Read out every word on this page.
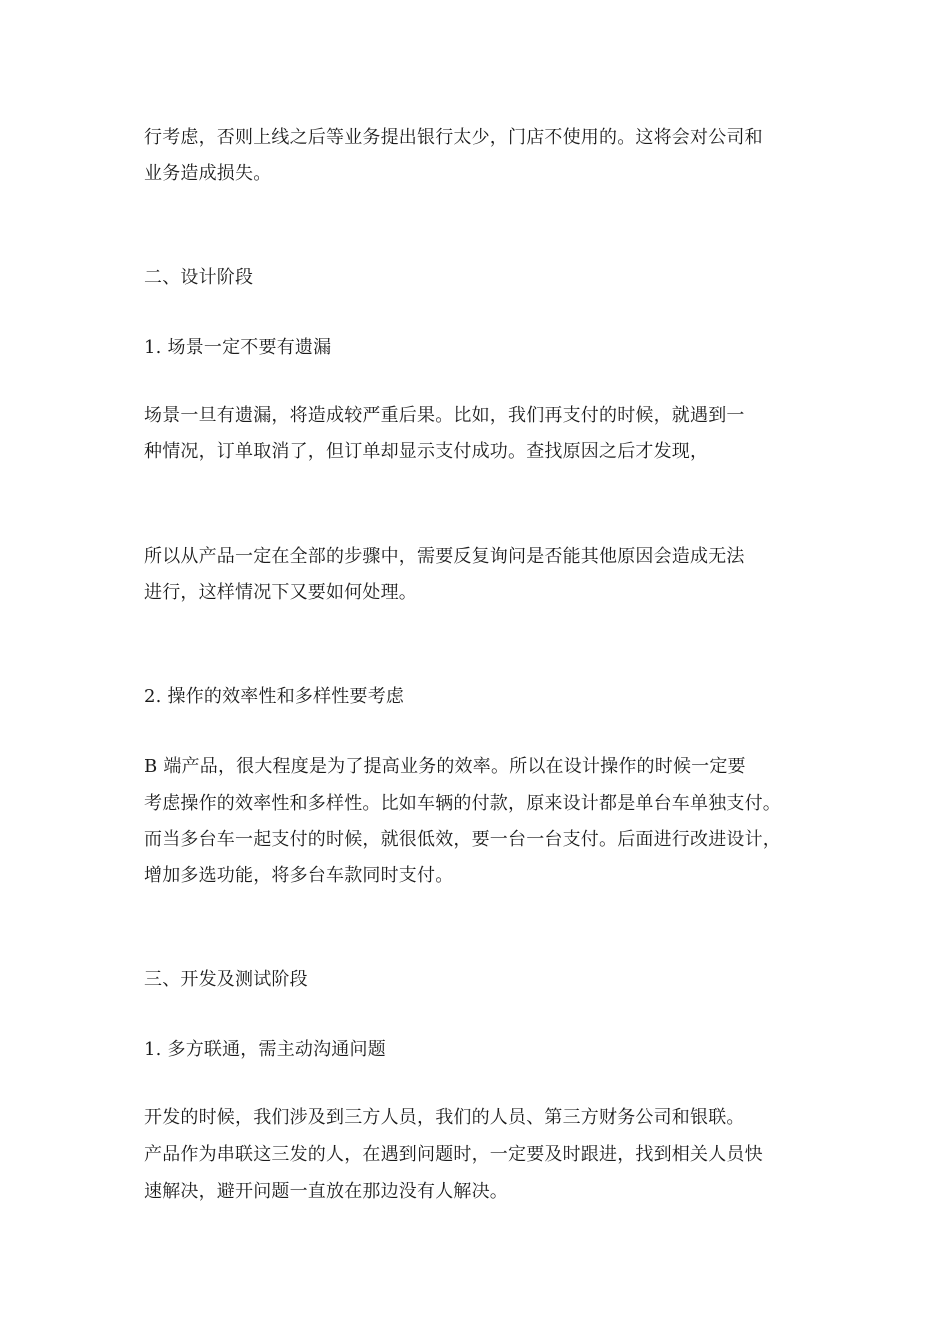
行考虑，否则上线之后等业务提出银行太少，门店不使用的。这将会对公司和
业务造成损失。
二、设计阶段
1. 场景一定不要有遗漏
场景一旦有遗漏，将造成较严重后果。比如，我们再支付的时候，就遇到一
种情况，订单取消了，但订单却显示支付成功。查找原因之后才发现，
所以从产品一定在全部的步骤中，需要反复询问是否能其他原因会造成无法
进行，这样情况下又要如何处理。
2. 操作的效率性和多样性要考虑
B 端产品，很大程度是为了提高业务的效率。所以在设计操作的时候一定要
考虑操作的效率性和多样性。比如车辆的付款，原来设计都是单台车单独支付。
而当多台车一起支付的时候，就很低效，要一台一台支付。后面进行改进设计，
增加多选功能，将多台车款同时支付。
三、开发及测试阶段
1. 多方联通，需主动沟通问题
开发的时候，我们涉及到三方人员，我们的人员、第三方财务公司和银联。
产品作为串联这三发的人，在遇到问题时，一定要及时跟进，找到相关人员快
速解决，避开问题一直放在那边没有人解决。
